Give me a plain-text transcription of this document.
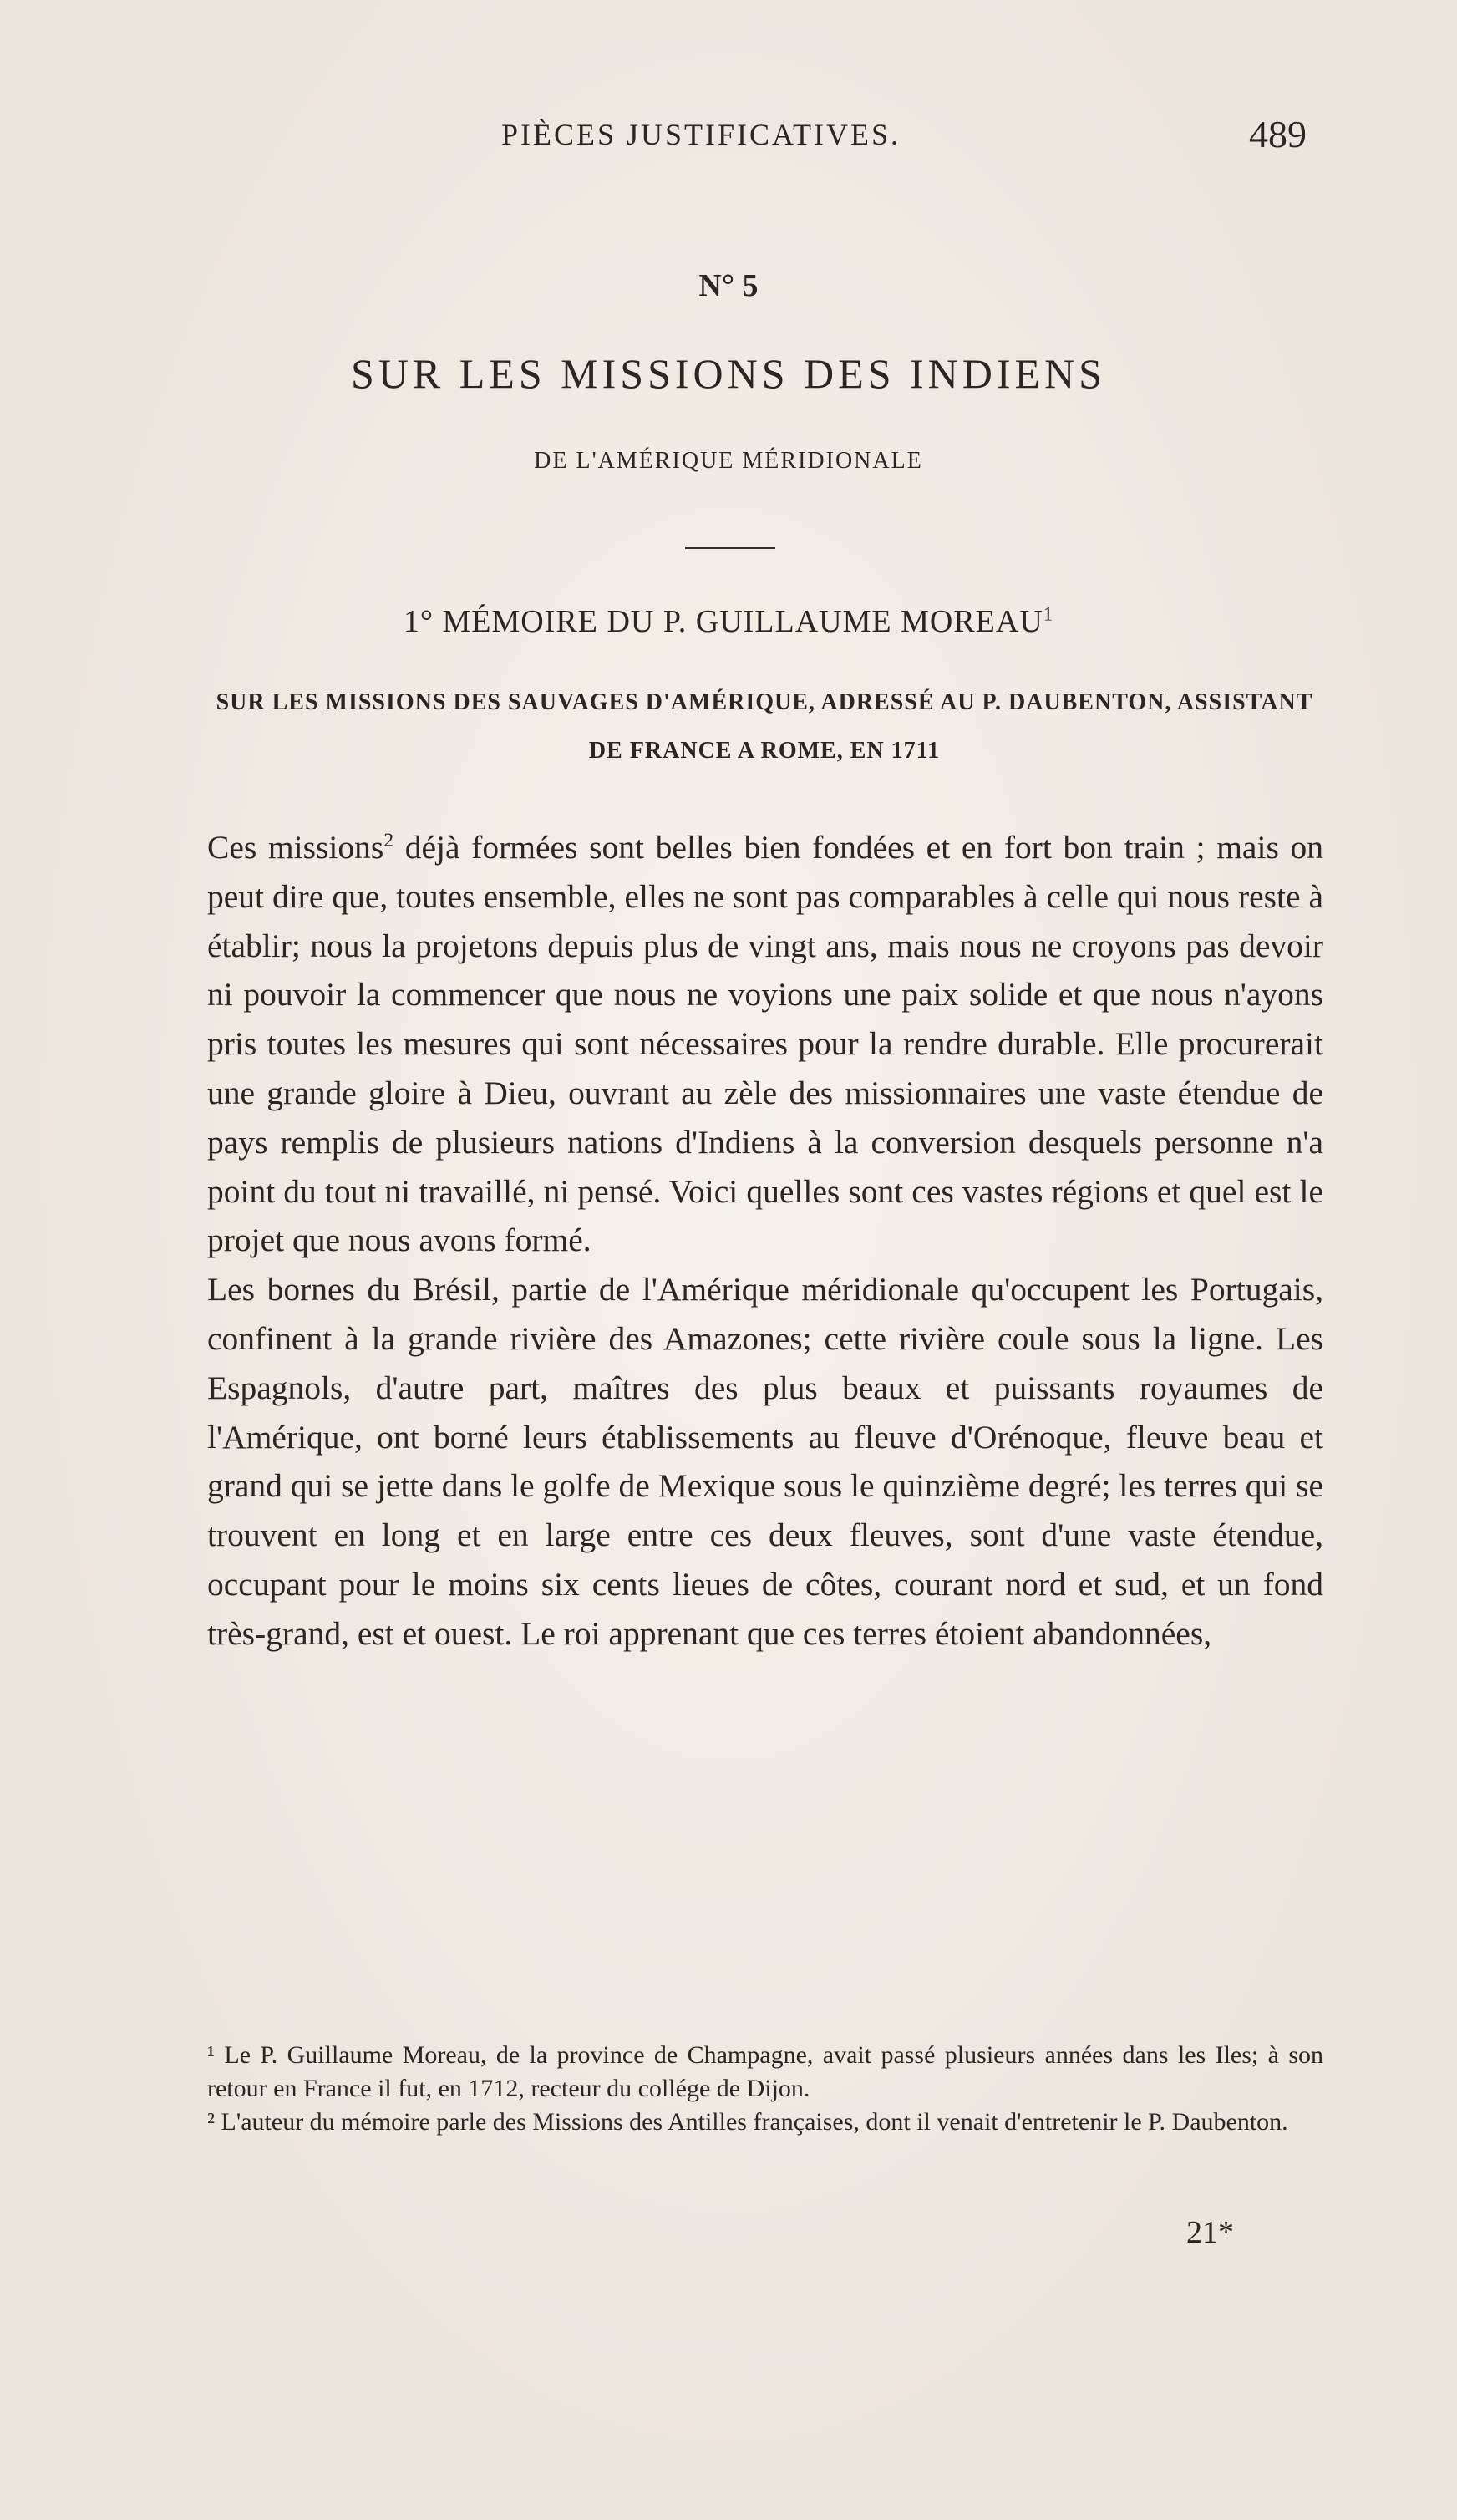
PIÈCES JUSTIFICATIVES.	489
N° 5
SUR LES MISSIONS DES INDIENS
DE L'AMÉRIQUE MÉRIDIONALE
1° MÉMOIRE DU P. GUILLAUME MOREAU$^1$
SUR LES MISSIONS DES SAUVAGES D'AMÉRIQUE, ADRESSÉ AU P. DAUBENTON, ASSISTANT DE FRANCE A ROME, EN 1711

Ces missions$^2$ déjà formées sont belles bien fondées et en fort bon train ; mais on peut dire que, toutes ensemble, elles ne sont pas comparables à celle qui nous reste à établir; nous la projetons depuis plus de vingt ans, mais nous ne croyons pas devoir ni pouvoir la commencer que nous ne voyions une paix solide et que nous n'ayons pris toutes les mesures qui sont nécessaires pour la rendre durable. Elle procurerait une grande gloire à Dieu, ouvrant au zèle des missionnaires une vaste étendue de pays remplis de plusieurs nations d'Indiens à la conversion desquels personne n'a point du tout ni travaillé, ni pensé. Voici quelles sont ces vastes régions et quel est le projet que nous avons formé.

Les bornes du Brésil, partie de l'Amérique méridionale qu'occupent les Portugais, confinent à la grande rivière des Amazones; cette rivière coule sous la ligne. Les Espagnols, d'autre part, maîtres des plus beaux et puissants royaumes de l'Amérique, ont borné leurs établissements au fleuve d'Orénoque, fleuve beau et grand qui se jette dans le golfe de Mexique sous le quinzième degré; les terres qui se trouvent en long et en large entre ces deux fleuves, sont d'une vaste étendue, occupant pour le moins six cents lieues de côtes, courant nord et sud, et un fond très-grand, est et ouest. Le roi apprenant que ces terres étoient abandonnées,

¹ Le P. Guillaume Moreau, de la province de Champagne, avait passé plusieurs années dans les Iles; à son retour en France il fut, en 1712, recteur du collége de Dijon.

² L'auteur du mémoire parle des Missions des Antilles françaises, dont il venait d'entretenir le P. Daubenton.

21*
